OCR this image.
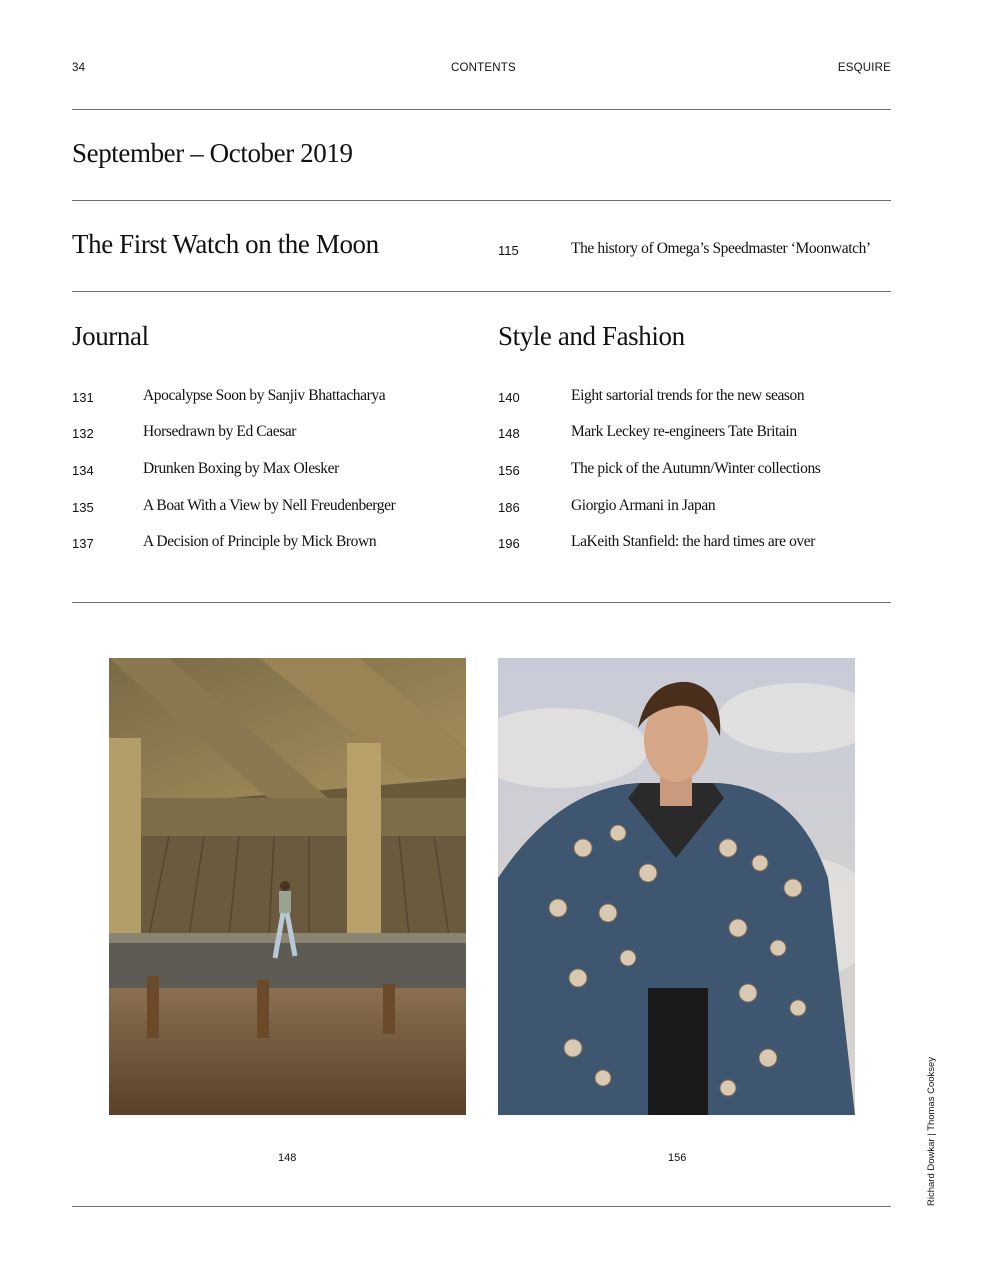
34	CONTENTS	ESQUIRE
September – October 2019
The First Watch on the Moon	115	The history of Omega’s Speedmaster ‘Moonwatch’
Journal
131	Apocalypse Soon by Sanjiv Bhattacharya
132	Horsedrawn by Ed Caesar
134	Drunken Boxing by Max Olesker
135	A Boat With a View by Nell Freudenberger
137	A Decision of Principle by Mick Brown
Style and Fashion
140	Eight sartorial trends for the new season
148	Mark Leckey re-engineers Tate Britain
156	The pick of the Autumn/Winter collections
186	Giorgio Armani in Japan
196	LaKeith Stanfield: the hard times are over
148	156	Richard Dowkar | Thomas Cooksey
